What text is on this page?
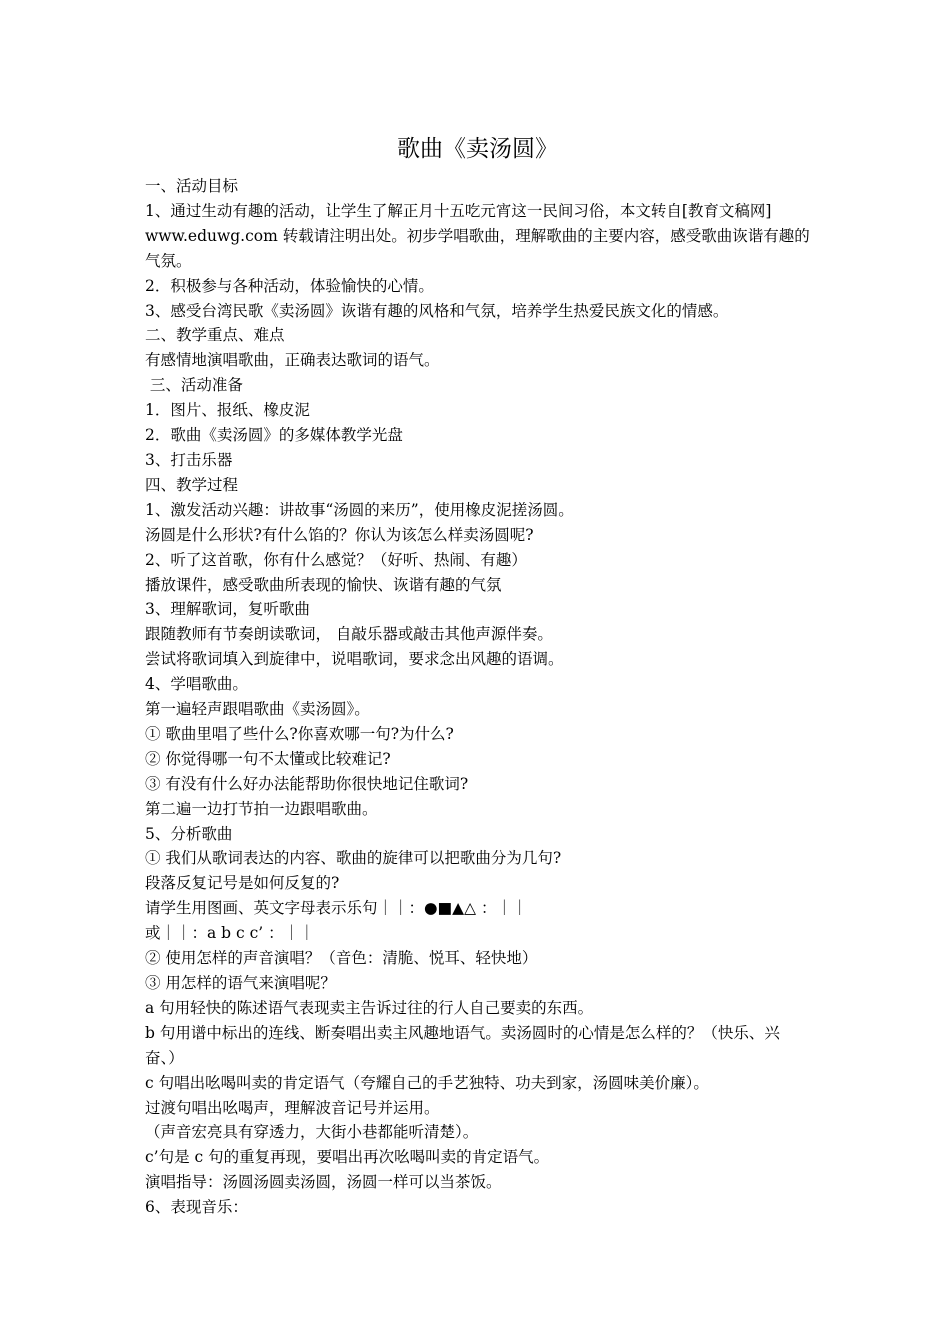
歌曲《卖汤圆》
一、活动目标
1、通过生动有趣的活动，让学生了解正月十五吃元宵这一民间习俗，本文转自[教育文稿网] www.eduwg.com 转载请注明出处。初步学唱歌曲，理解歌曲的主要内容，感受歌曲诙谐有趣的气氛。
2．积极参与各种活动，体验愉快的心情。
3、感受台湾民歌《卖汤圆》诙谐有趣的风格和气氛，培养学生热爱民族文化的情感。
二、教学重点、难点
有感情地演唱歌曲，正确表达歌词的语气。
三、活动准备
1．图片、报纸、橡皮泥
2．歌曲《卖汤圆》的多媒体教学光盘
3、打击乐器
四、教学过程
1、激发活动兴趣：讲故事“汤圆的来历”，使用橡皮泥搓汤圆。
汤圆是什么形状?有什么馅的？你认为该怎么样卖汤圆呢?
2、听了这首歌，你有什么感觉？（好听、热闹、有趣）
播放课件，感受歌曲所表现的愉快、诙谐有趣的气氛
3、理解歌词，复听歌曲
跟随教师有节奏朗读歌词， 自敲乐器或敲击其他声源伴奏。
尝试将歌词填入到旋律中，说唱歌词，要求念出风趣的语调。
4、学唱歌曲。
第一遍轻声跟唱歌曲《卖汤圆》。
① 歌曲里唱了些什么?你喜欢哪一句?为什么?
② 你觉得哪一句不太懂或比较难记?
③ 有没有什么好办法能帮助你很快地记住歌词?
第二遍一边打节拍一边跟唱歌曲。
5、分析歌曲
① 我们从歌词表达的内容、歌曲的旋律可以把歌曲分为几句?
段落反复记号是如何反复的?
请学生用图画、英文字母表示乐句｜｜：●■▲△ ：｜｜
或｜｜：a b c c’ ：｜｜
② 使用怎样的声音演唱？（音色：清脆、悦耳、轻快地）
③ 用怎样的语气来演唱呢？
a 句用轻快的陈述语气表现卖主告诉过往的行人自己要卖的东西。
b 句用谱中标出的连线、断奏唱出卖主风趣地语气。卖汤圆时的心情是怎么样的？（快乐、兴奋、）
c 句唱出吆喝叫卖的肯定语气（夸耀自己的手艺独特、功夫到家，汤圆味美价廉）。
过渡句唱出吆喝声，理解波音记号并运用。
（声音宏亮具有穿透力，大街小巷都能听清楚）。
c’句是 c 句的重复再现，要唱出再次吆喝叫卖的肯定语气。
演唱指导：汤圆汤圆卖汤圆，汤圆一样可以当茶饭。
6、表现音乐：
